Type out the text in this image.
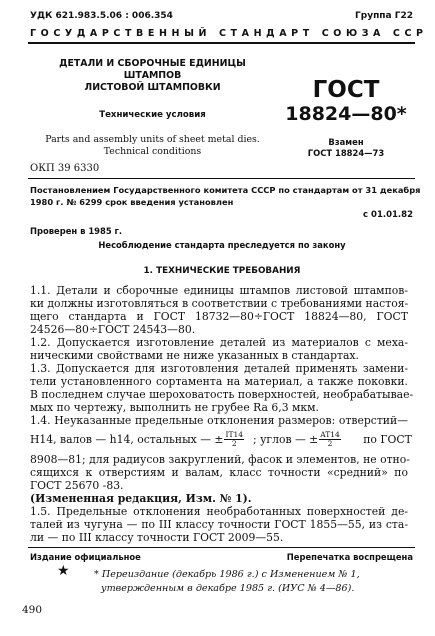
УДК 621.983.5.06 : 006.354	Группа Г22
ГОСУДАРСТВЕННЫЙ СТАНДАРТ СОЮЗА ССР
ДЕТАЛИ И СБОРОЧНЫЕ ЕДИНИЦЫ ШТАМПОВ
ЛИСТОВОЙ ШТАМПОВКИ
Технические условия
Parts and assembly units of sheet metal dies.
Technical conditions
ГОСТ
18824—80*
Взамен
ГОСТ 18824—73
ОКП 39 6330
Постановлением Государственного комитета СССР по стандартам от 31 декабря
1980 г. № 6299 срок введения установлен
с 01.01.82
Проверен в 1985 г.
Несоблюдение стандарта преследуется по закону
1. ТЕХНИЧЕСКИЕ ТРЕБОВАНИЯ
1.1. Детали и сборочные единицы штампов листовой штампов-
ки должны изготовляться в соответствии с требованиями настоя-
щего стандарта и ГОСТ 18732—80÷ГОСТ 18824—80, ГОСТ
24526—80÷ГОСТ 24543—80.
1.2. Допускается изготовление деталей из материалов с меха-
ническими свойствами не ниже указанных в стандартах.
1.3. Допускается для изготовления деталей применять замени-
тели установленного сортамента на материал, а также поковки.
В последнем случае шероховатость поверхностей, необрабатывае-
мых по чертежу, выполнить не грубее Ra 6,3 мкм.
1.4. Неуказанные предельные отклонения размеров: отверстий—
H14, валов — h14, остальных — ± $\frac{IT14}{2}$ ; углов — ± $\frac{AT14}{2}$ по ГОСТ
8908—81; для радиусов закруглений, фасок и элементов, не отно-
сящихся к отверстиям и валам, класс точности «средний» по
ГОСТ 25670 -83.
(Измененная редакция, Изм. № 1).
1.5. Предельные отклонения необработанных поверхностей де-
талей из чугуна — по III классу точности ГОСТ 1855—55, из ста-
ли — по III классу точности ГОСТ 2009—55.
Издание официальное	Перепечатка воспрещена
★	* Переиздание (декабрь 1986 г.) с Изменением № 1,
утвержденным в декабре 1985 г. (ИУС № 4—86).
490
